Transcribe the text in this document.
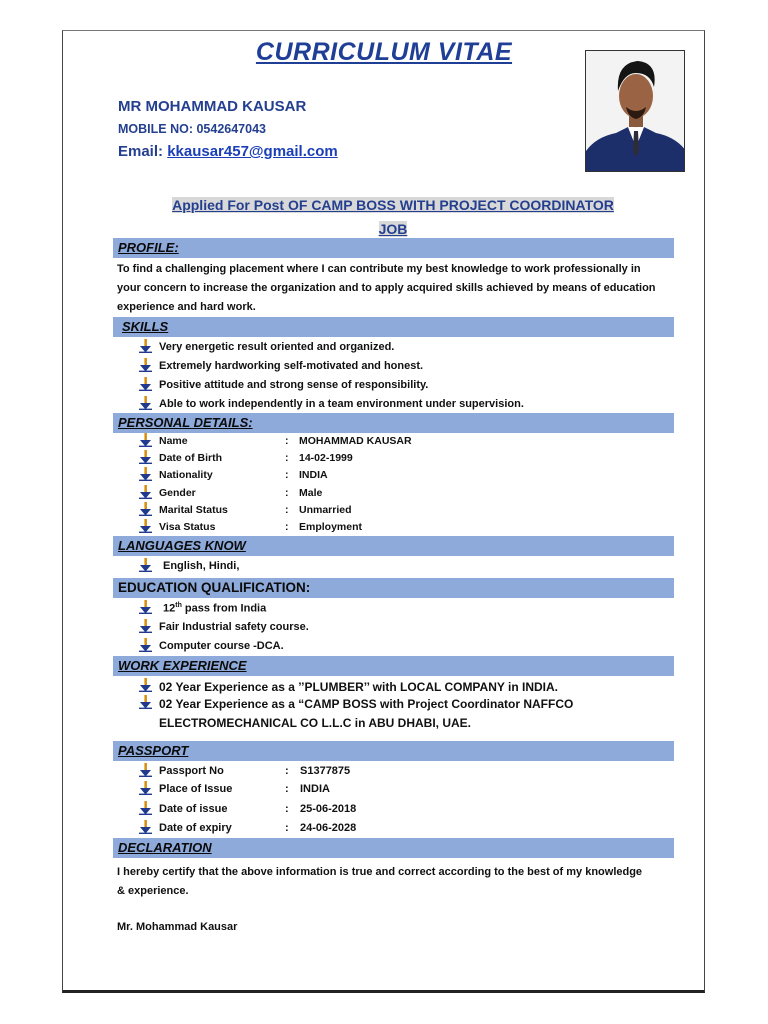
CURRICULUM VITAE
MR MOHAMMAD KAUSAR
MOBILE NO: 0542647043
Email: kkausar457@gmail.com
Applied For Post OF CAMP BOSS WITH PROJECT COORDINATOR
JOB
PROFILE:
To find a challenging placement where I can contribute my best knowledge to work professionally in
your concern to increase the organization and to apply acquired skills achieved by means of education
experience and hard work.
SKILLS
Very energetic result oriented and organized.
Extremely hardworking self-motivated and honest.
Positive attitude and strong sense of responsibility.
Able to work independently in a team environment under supervision.
PERSONAL DETAILS:
Name	: MOHAMMAD KAUSAR
Date of Birth	: 14-02-1999
Nationality	: INDIA
Gender	: Male
Marital Status	: Unmarried
Visa Status	: Employment
LANGUAGES KNOW
English, Hindi,
EDUCATION QUALIFICATION:
12th pass from India
Fair Industrial safety course.
Computer course -DCA.
WORK EXPERIENCE
02 Year Experience as a ’’PLUMBER’’ with LOCAL COMPANY in INDIA.
02 Year Experience as a “CAMP BOSS with Project Coordinator NAFFCO
ELECTROMECHANICAL CO L.L.C in ABU DHABI, UAE.
PASSPORT
Passport No	: S1377875
Place of Issue	: INDIA
Date of issue	: 25-06-2018
Date of expiry	: 24-06-2028
DECLARATION
I hereby certify that the above information is true and correct according to the best of my knowledge
& experience.
Mr. Mohammad Kausar
